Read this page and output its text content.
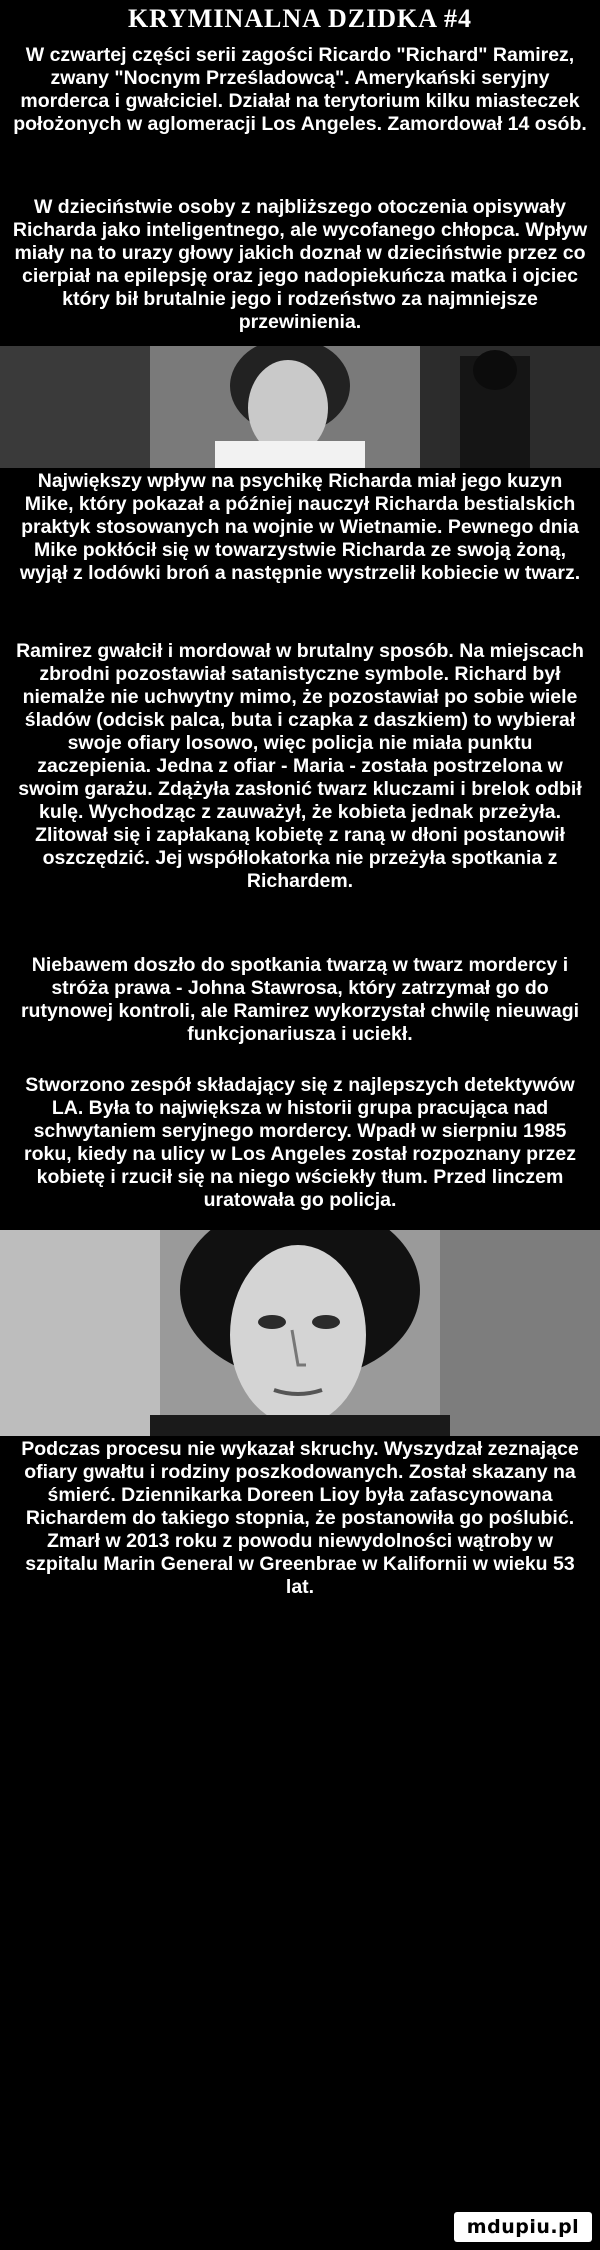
KRYMINALNA DZIDKA #4

W czwartej części serii zagości Ricardo "Richard" Ramirez, zwany "Nocnym Prześladowcą". Amerykański seryjny morderca i gwałciciel. Działał na terytorium kilku miasteczek położonych w aglomeracji Los Angeles. Zamordował 14 osób.

W dzieciństwie osoby z najbliższego otoczenia opisywały Richarda jako inteligentnego, ale wycofanego chłopca. Wpływ miały na to urazy głowy jakich doznał w dzieciństwie przez co cierpiał na epilepsję oraz jego nadopiekuńcza matka i ojciec który bił brutalnie jego i rodzeństwo za najmniejsze przewinienia.

Największy wpływ na psychikę Richarda miał jego kuzyn Mike, który pokazał a później nauczył Richarda bestialskich praktyk stosowanych na wojnie w Wietnamie. Pewnego dnia Mike pokłócił się w towarzystwie Richarda ze swoją żoną, wyjął z lodówki broń a następnie wystrzelił kobiecie w twarz.

Ramirez gwałcił i mordował w brutalny sposób. Na miejscach zbrodni pozostawiał satanistyczne symbole. Richard był niemalże nie uchwytny mimo, że pozostawiał po sobie wiele śladów (odcisk palca, buta i czapka z daszkiem) to wybierał swoje ofiary losowo, więc policja nie miała punktu zaczepienia. Jedna z ofiar - Maria - została postrzelona w swoim garażu. Zdążyła zasłonić twarz kluczami i brelok odbił kulę. Wychodząc z zauważył, że kobieta jednak przeżyła. Zlitował się i zapłakaną kobietę z raną w dłoni postanowił oszczędzić. Jej współlokatorka nie przeżyła spotkania z Richardem.

Niebawem doszło do spotkania twarzą w twarz mordercy i stróża prawa - Johna Stawrosa, który zatrzymał go do rutynowej kontroli, ale Ramirez wykorzystał chwilę nieuwagi funkcjonariusza i uciekł.

Stworzono zespół składający się z najlepszych detektywów LA. Była to największa w historii grupa pracująca nad schwytaniem seryjnego mordercy. Wpadł w sierpniu 1985 roku, kiedy na ulicy w Los Angeles został rozpoznany przez kobietę i rzucił się na niego wściekły tłum. Przed linczem uratowała go policja.

Podczas procesu nie wykazał skruchy. Wyszydzał zeznające ofiary gwałtu i rodziny poszkodowanych. Został skazany na śmierć. Dziennikarka Doreen Lioy była zafascynowana Richardem do takiego stopnia, że postanowiła go poślubić. Zmarł w 2013 roku z powodu niewydolności wątroby w szpitalu Marin General w Greenbrae w Kalifornii w wieku 53 lat.

mdupiu.pl
